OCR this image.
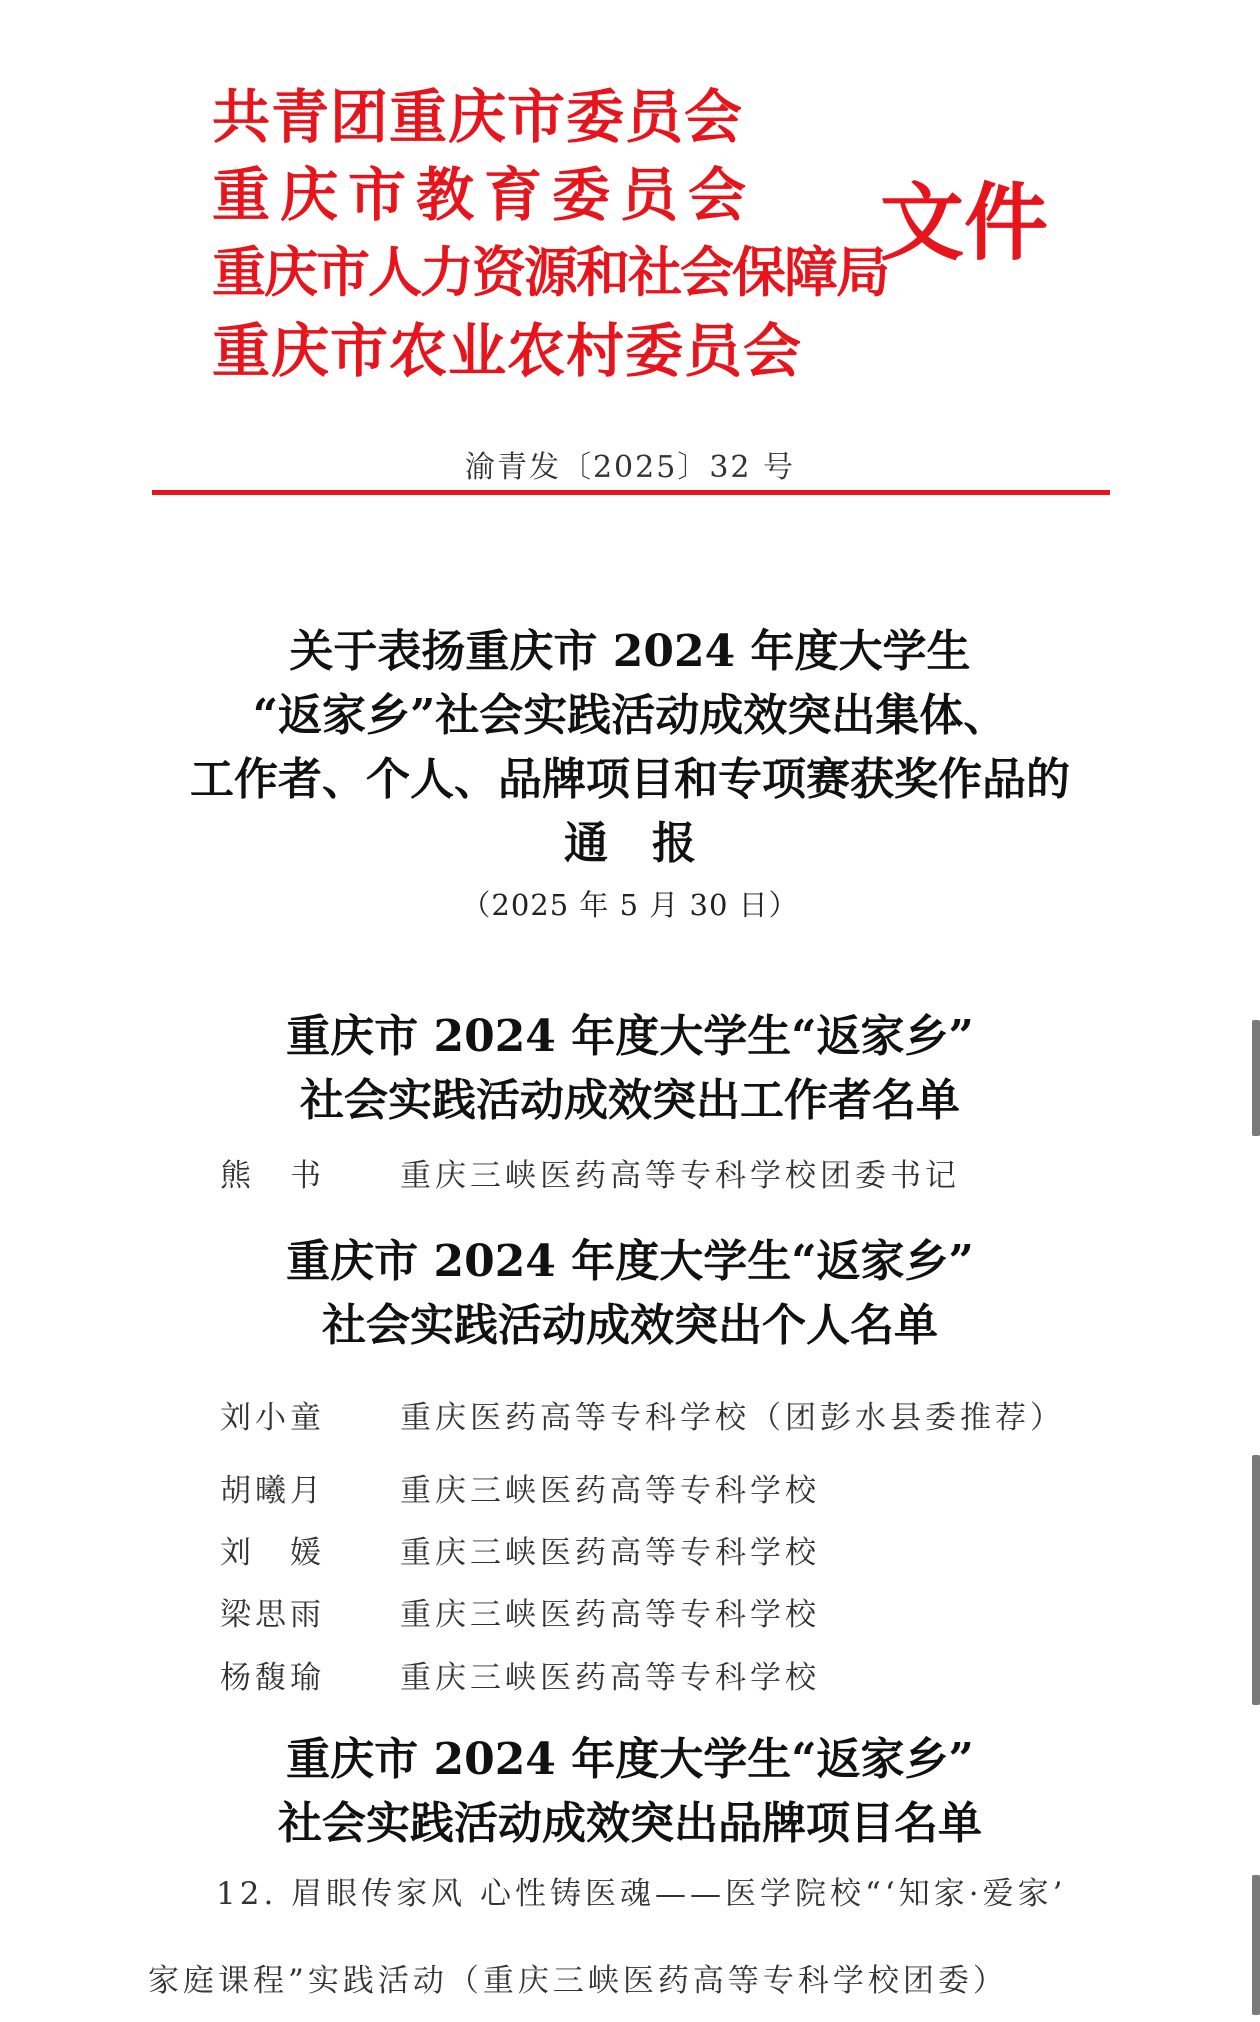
共青团重庆市委员会
重庆市教育委员会
重庆市人力资源和社会保障局
重庆市农业农村委员会
文件
渝青发〔2025〕32 号
关于表扬重庆市 2024 年度大学生
“返家乡”社会实践活动成效突出集体、
工作者、个人、品牌项目和专项赛获奖作品的
通　报
（2025 年 5 月 30 日）
重庆市 2024 年度大学生“返家乡”
社会实践活动成效突出工作者名单
熊　书 重庆三峡医药高等专科学校团委书记
重庆市 2024 年度大学生“返家乡”
社会实践活动成效突出个人名单
刘小童 重庆医药高等专科学校（团彭水县委推荐）
胡曦月 重庆三峡医药高等专科学校
刘　媛 重庆三峡医药高等专科学校
梁思雨 重庆三峡医药高等专科学校
杨馥瑜 重庆三峡医药高等专科学校
重庆市 2024 年度大学生“返家乡”
社会实践活动成效突出品牌项目名单
12. 眉眼传家风 心性铸医魂——医学院校“‘知家·爱家’
家庭课程”实践活动（重庆三峡医药高等专科学校团委）
